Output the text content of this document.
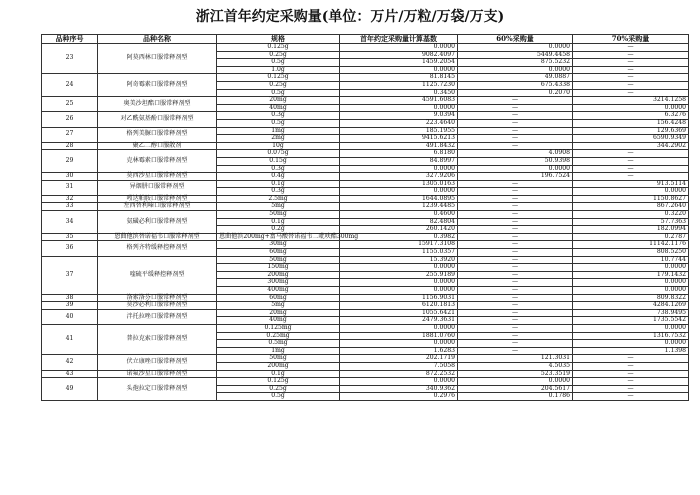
浙江首年约定采购量(单位：万片/万粒/万袋/万支)
品种序号	品种名称	规格	首年约定采购量计算基数	60%采购量	70%采购量
23	阿莫西林口服常释剂型	0.125g	0.0000	0.0000	—
		0.25g	9082.4097	5449.4458	—
		0.5g	1459.2054	875.5232	—
		1.0g	0.0000	0.0000	—
24	阿奇霉素口服常释剂型	0.125g	81.8145	49.0887	—
		0.25g	1125.7230	675.4338	—
		0.5g	0.3450	0.2070	—
25	奥美沙坦酯口服常释剂型	20mg	4591.6083	—	3214.1258
		40mg	0.0000	—	0.0000
26	对乙酰氨基酚口服常释剂型	0.3g	9.0394	—	6.3276
		0.5g	223.4640	—	156.4248
27	格列美脲口服常释剂型	1mg	185.1955	—	129.6369
		2mg	9415.6213	—	6590.9349
28	聚乙二醇口服散剂	10g	491.8432	—	344.2902
29	克林霉素口服常释剂型	0.075g	6.8180	4.0908	—
		0.15g	84.8997	50.9398	—
		0.3g	0.0000	0.0000	—
30	莫西沙星口服常释剂型	0.4g	327.9206	196.7524	—
31	异烟肼口服常释剂型	0.1g	1305.0163	—	913.5114
		0.3g	0.0000	—	0.0000
32	吲达帕胺口服常释剂型	2.5mg	1644.0895	—	1150.8627
33	左西替利嗪口服常释剂型	5mg	1239.4485	—	867.2640
34	氨磺必利口服常释剂型	50mg	0.4600	—	0.3220
		0.1g	82.4804	—	57.7363
		0.2g	260.1420	—	182.0994
35	恩曲他滨替诺福韦口服常释剂型	恩曲他滨200mg+富马酸替诺福韦二吡呋酯300mg	0.3982	—	0.2787
36	格列齐特缓释控释剂型	30mg	15917.3108	—	11142.1176
		60mg	1155.0357	—	808.5250
37	喹硫平缓释控释剂型	50mg	15.3920	—	10.7744
		150mg	0.0000	—	0.0000
		200mg	255.9189	—	179.1432
		300mg	0.0000	—	0.0000
		400mg	0.0000	—	0.0000
38	洛索洛芬口服常释剂型	60mg	1156.9031	—	809.8322
39	莫沙必利口服常释剂型	5mg	6120.1813	—	4284.1269
40	泮托拉唑口服常释剂型	20mg	1055.6421	—	738.9495
		40mg	2479.3631	—	1735.5542
41	普拉克索口服常释剂型	0.125mg	0.0000	—	0.0000
		0.25mg	1881.0760	—	1316.7532
		0.5mg	0.0000	—	0.0000
		1mg	1.6283	—	1.1398
42	伏立康唑口服常释剂型	50mg	202.1719	121.3031	—
		200mg	7.5058	4.5035	—
43	诺氟沙星口服常释剂型	0.1g	872.2532	523.3519	—
49	头孢拉定口服常释剂型	0.125g	0.0000	0.0000	—
		0.25g	340.9362	204.5617	—
		0.5g	0.2976	0.1786	—
